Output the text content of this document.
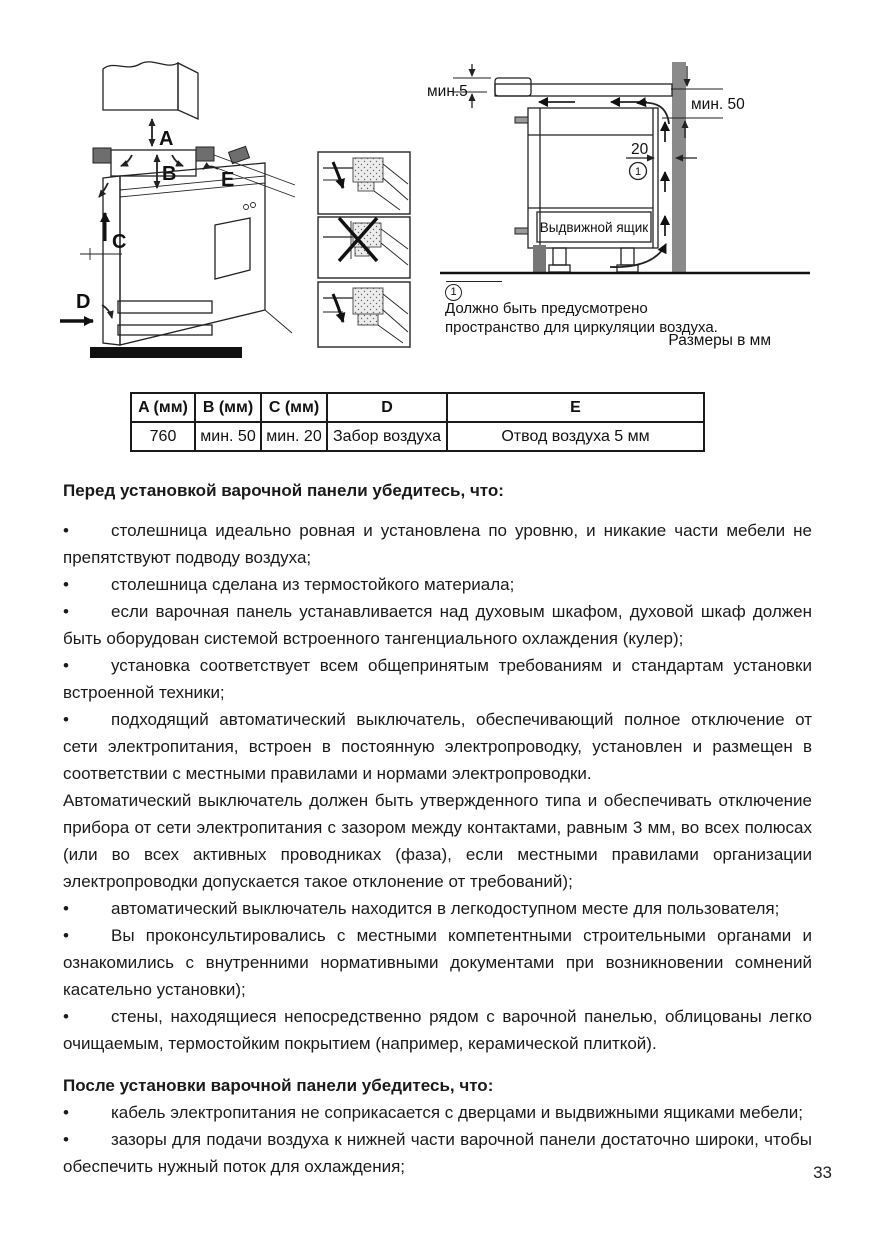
A
B E
C
D
мин.5
мин. 50
Выдвижной ящик
20
1
1
Должно быть предусмотрено
пространство для циркуляции воздуха.
Размеры в мм
A (мм)	B (мм)	C (мм)	D	E
760	мин. 50	мин. 20	Забор воздуха	Отвод воздуха 5 мм

Перед установкой варочной панели убедитесь, что:

• столешница идеально ровная и установлена по уровню, и никакие части мебели не препятствуют подводу воздуха;

• столешница сделана из термостойкого материала;

• если варочная панель устанавливается над духовым шкафом, духовой шкаф должен быть оборудован системой встроенного тангенциального охлаждения (кулер);

• установка соответствует всем общепринятым требованиям и стандартам установки встроенной техники;

• подходящий автоматический выключатель, обеспечивающий полное отключение от сети электропитания, встроен в постоянную электропроводку, установлен и размещен в соответствии с местными правилами и нормами электропроводки.

Автоматический выключатель должен быть утвержденного типа и обеспечивать отключение прибора от сети электропитания с зазором между контактами, равным 3 мм, во всех полюсах (или во всех активных проводниках (фаза), если местными правилами организации электропроводки допускается такое отклонение от требований);

• автоматический выключатель находится в легкодоступном месте для пользователя;

• Вы проконсультировались с местными компетентными строительными органами и ознакомились с внутренними нормативными документами при возникновении сомнений касательно установки);

• стены, находящиеся непосредственно рядом с варочной панелью, облицованы легко очищаемым, термостойким покрытием (например, керамической плиткой).

После установки варочной панели убедитесь, что:

• кабель электропитания не соприкасается с дверцами и выдвижными ящиками мебели;

• зазоры для подачи воздуха к нижней части варочной панели достаточно широки, чтобы обеспечить нужный поток для охлаждения;	33
